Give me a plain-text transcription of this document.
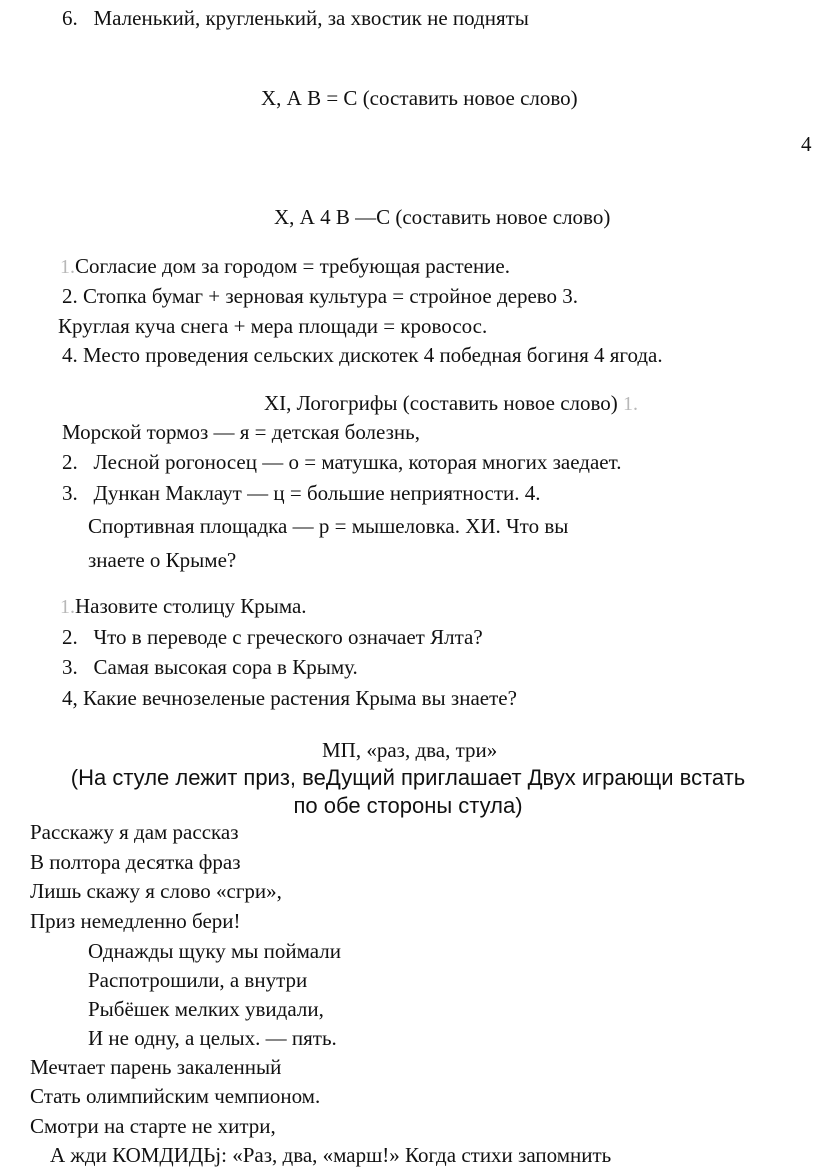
6. Маленький, кругленький, за хвостик не подняты
Х, А В = С (составить новое слово)
4
Х, А 4 В —С (составить новое слово)
1.Согласие дом за городом = требующая растение.
2. Стопка бумаг + зерновая культура = стройное дерево 3.
Круглая куча снега + мера площади = кровосос.
4. Место проведения сельских дискотек 4 победная богиня 4 ягода.
XI, Логогрифы (составить новое слово) 1.
Морской тормоз — я = детская болезнь,
2. Лесной рогоносец — о = матушка, которая многих заедает.
3. Дункан Маклаут — ц = большие неприятности. 4.
Спортивная площадка — р = мышеловка. ХИ. Что вы
знаете о Крыме?
1.Назовите столицу Крыма.
2. Что в переводе с греческого означает Ялта?
3. Самая высокая сора в Крыму.
4, Какие вечнозеленые растения Крыма вы знаете?
МП, «раз, два, три»
(На стуле лежит приз, веДущий приглашает Двух играющи встать
по обе стороны стула)
Расскажу я дам рассказ
В полтора десятка фраз
Лишь скажу я слово «сгри»,
Приз немедленно бери!
Однажды щуку мы поймали
Распотрошили, а внутри
Рыбёшек мелких увидали,
И не одну, а целых. — пять.
Мечтает парень закаленный
Стать олимпийским чемпионом.
Смотри на старте не хитри,
А жди КОМДИДЬj: «Раз, два, «марш!» Когда стихи запомнить
